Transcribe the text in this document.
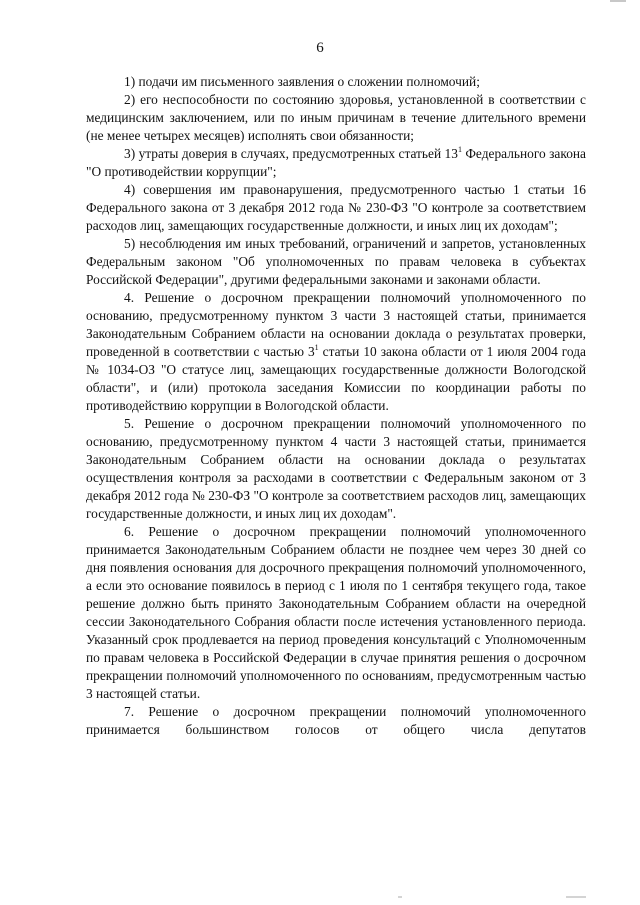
6

1) подачи им письменного заявления о сложении полномочий;

2) его неспособности по состоянию здоровья, установленной в соответствии с медицинским заключением, или по иным причинам в течение длительного времени (не менее четырех месяцев) исполнять свои обязанности;

3) утраты доверия в случаях, предусмотренных статьей $13^1$ Федерального закона "О противодействии коррупции";

4) совершения им правонарушения, предусмотренного частью 1 статьи 16 Федерального закона от 3 декабря 2012 года № 230-ФЗ "О контроле за соответствием расходов лиц, замещающих государственные должности, и иных лиц их доходам";

5) несоблюдения им иных требований, ограничений и запретов, установленных Федеральным законом "Об уполномоченных по правам человека в субъектах Российской Федерации", другими федеральными законами и законами области.

4. Решение о досрочном прекращении полномочий уполномоченного по основанию, предусмотренному пунктом 3 части 3 настоящей статьи, принимается Законодательным Собранием области на основании доклада о результатах проверки, проведенной в соответствии с частью $3^1$ статьи 10 закона области от 1 июля 2004 года № 1034-ОЗ "О статусе лиц, замещающих государственные должности Вологодской области", и (или) протокола заседания Комиссии по координации работы по противодействию коррупции в Вологодской области.

5. Решение о досрочном прекращении полномочий уполномоченного по основанию, предусмотренному пунктом 4 части 3 настоящей статьи, принимается Законодательным Собранием области на основании доклада о результатах осуществления контроля за расходами в соответствии с Федеральным законом от 3 декабря 2012 года № 230-ФЗ "О контроле за соответствием расходов лиц, замещающих государственные должности, и иных лиц их доходам".

6. Решение о досрочном прекращении полномочий уполномоченного принимается Законодательным Собранием области не позднее чем через 30 дней со дня появления основания для досрочного прекращения полномочий уполномоченного, а если это основание появилось в период с 1 июля по 1 сентября текущего года, такое решение должно быть принято Законодательным Собранием области на очередной сессии Законодательного Собрания области после истечения установленного периода. Указанный срок продлевается на период проведения консультаций с Уполномоченным по правам человека в Российской Федерации в случае принятия решения о досрочном прекращении полномочий уполномоченного по основаниям, предусмотренным частью 3 настоящей статьи.

7. Решение о досрочном прекращении полномочий уполномоченного принимается большинством голосов от общего числа депутатов
